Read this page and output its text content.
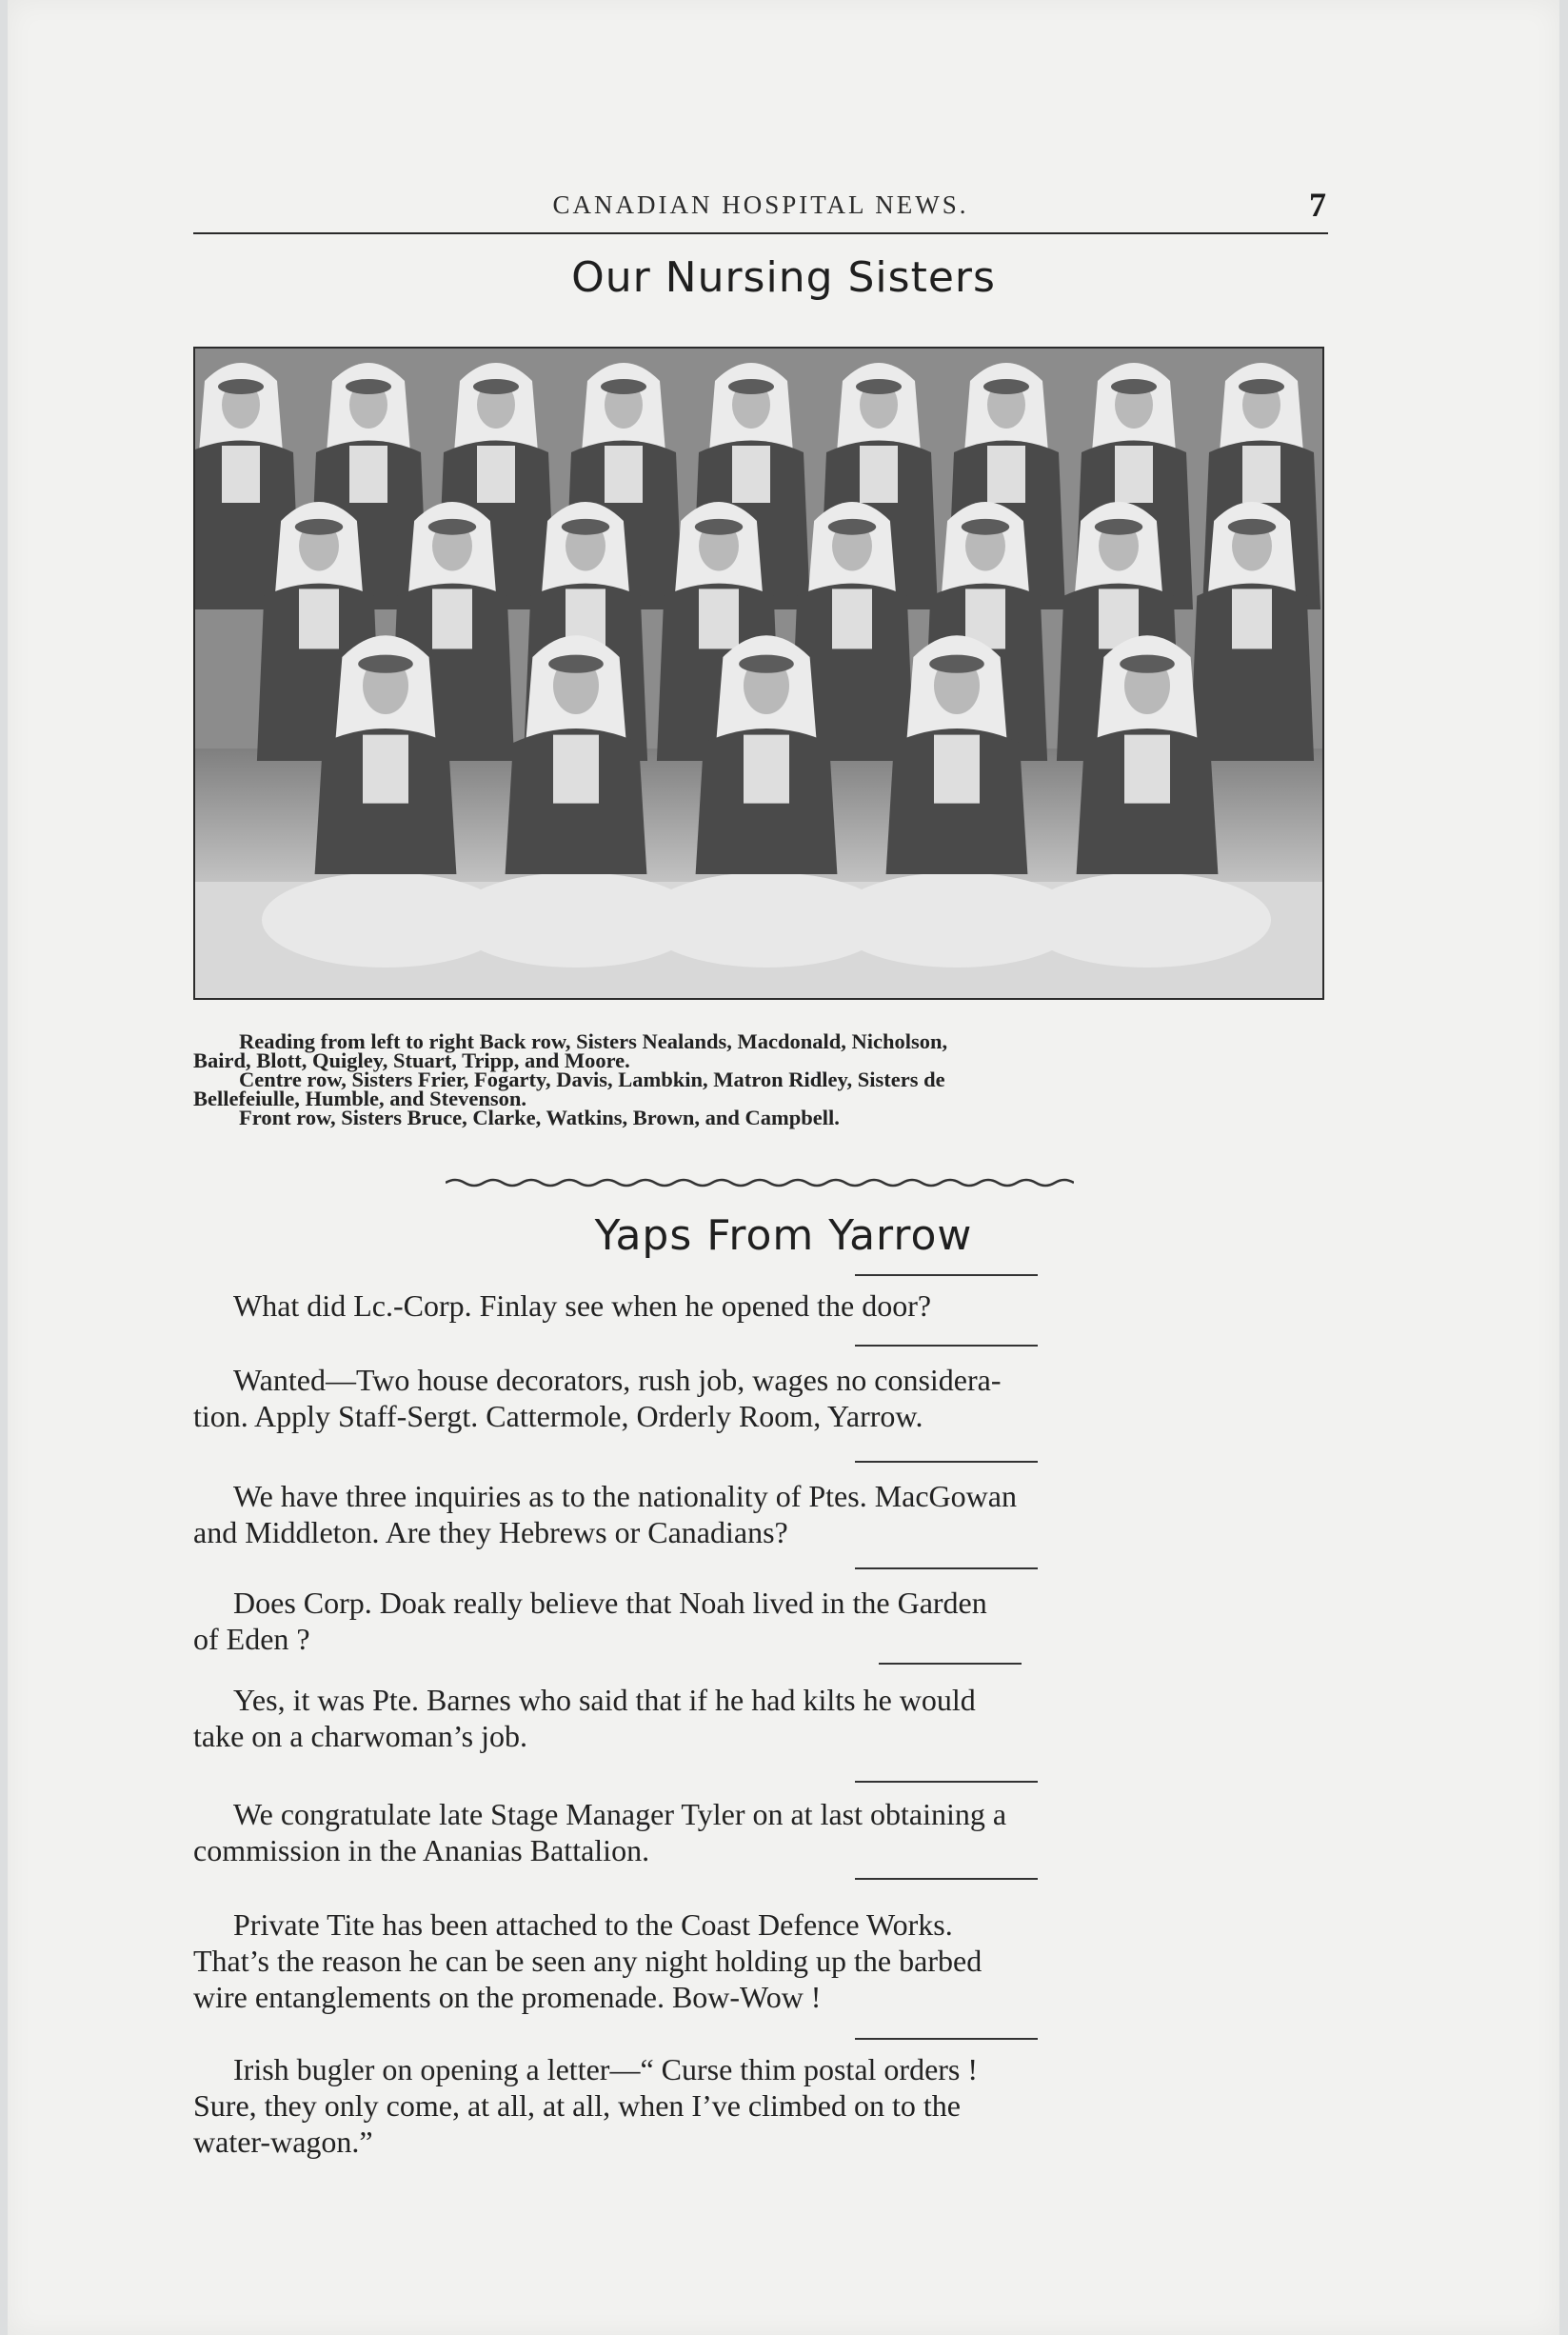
CANADIAN HOSPITAL NEWS.	7
Our Nursing Sisters

Reading from left to right Back row, Sisters Nealands, Macdonald, Nicholson,

Baird, Blott, Quigley, Stuart, Tripp, and Moore.

Centre row, Sisters Frier, Fogarty, Davis, Lambkin, Matron Ridley, Sisters de

Bellefeiulle, Humble, and Stevenson.

Front row, Sisters Bruce, Clarke, Watkins, Brown, and Campbell.

Yaps From Yarrow

What did Lc.-Corp. Finlay see when he opened the door?

Wanted—Two house decorators, rush job, wages no considera-

tion. Apply Staff-Sergt. Cattermole, Orderly Room, Yarrow.

We have three inquiries as to the nationality of Ptes. MacGowan

and Middleton. Are they Hebrews or Canadians?

Does Corp. Doak really believe that Noah lived in the Garden

of Eden ?

Yes, it was Pte. Barnes who said that if he had kilts he would

take on a charwoman’s job.

We congratulate late Stage Manager Tyler on at last obtaining a

commission in the Ananias Battalion.

Private Tite has been attached to the Coast Defence Works.

That’s the reason he can be seen any night holding up the barbed

wire entanglements on the promenade. Bow-Wow !

Irish bugler on opening a letter—“ Curse thim postal orders !

Sure, they only come, at all, at all, when I’ve climbed on to the

water-wagon.”
